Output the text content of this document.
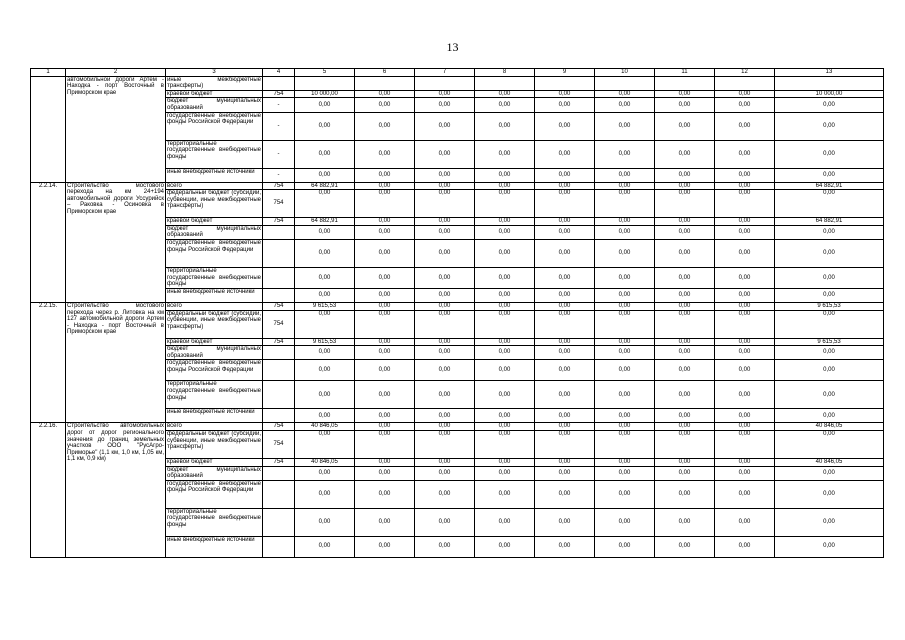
13
1	2	3	4	5	6	7	8	9	10	11	12	13
	автомобильной дороги Артем - Находка - порт Восточный в Приморском крае	иные межбюджетные трансферты)										
		краевой бюджет	754	10 000,00	0,00	0,00	0,00	0,00	0,00	0,00	0,00	10 000,00
		бюджет муниципальных образований	-	0,00	0,00	0,00	0,00	0,00	0,00	0,00	0,00	0,00
		государственные внебюджетные фонды Российской Федерации	-	0,00	0,00	0,00	0,00	0,00	0,00	0,00	0,00	0,00
		территориальные государственные внебюджетные фонды	-	0,00	0,00	0,00	0,00	0,00	0,00	0,00	0,00	0,00
		иные внебюджетные источники	-	0,00	0,00	0,00	0,00	0,00	0,00	0,00	0,00	0,00
2.2.14.	Строительство мостового перехода на км 24+194 автомобильной дороги Уссурийск – Раковка - Осиновка в Приморском крае	всего	754	64 882,91	0,00	0,00	0,00	0,00	0,00	0,00	0,00	64 882,91
		федеральный бюджет (субсидии, субвенции, иные межбюджетные трансферты)	754	0,00	0,00	0,00	0,00	0,00	0,00	0,00	0,00	0,00
		краевой бюджет	754	64 882,91	0,00	0,00	0,00	0,00	0,00	0,00	0,00	64 882,91
		бюджет муниципальных образований		0,00	0,00	0,00	0,00	0,00	0,00	0,00	0,00	0,00
		государственные внебюджетные фонды Российской Федерации		0,00	0,00	0,00	0,00	0,00	0,00	0,00	0,00	0,00
		территориальные государственные внебюджетные фонды		0,00	0,00	0,00	0,00	0,00	0,00	0,00	0,00	0,00
		иные внебюджетные источники		0,00	0,00	0,00	0,00	0,00	0,00	0,00	0,00	0,00
2.2.15.	Строительство мостового перехода через р. Литовка на км 127 автомобильной дороги Артем - Находка - порт Восточный в Приморском крае	всего	754	9 615,53	0,00	0,00	0,00	0,00	0,00	0,00	0,00	9 615,53
		федеральный бюджет (субсидии, субвенции, иные межбюджетные трансферты)	754	0,00	0,00	0,00	0,00	0,00	0,00	0,00	0,00	0,00
		краевой бюджет	754	9 615,53	0,00	0,00	0,00	0,00	0,00	0,00	0,00	9 615,53
		бюджет муниципальных образований		0,00	0,00	0,00	0,00	0,00	0,00	0,00	0,00	0,00
		государственные внебюджетные фонды Российской Федерации		0,00	0,00	0,00	0,00	0,00	0,00	0,00	0,00	0,00
		территориальные государственные внебюджетные фонды		0,00	0,00	0,00	0,00	0,00	0,00	0,00	0,00	0,00
		иные внебюджетные источники		0,00	0,00	0,00	0,00	0,00	0,00	0,00	0,00	0,00
2.2.16.	Строительство автомобильных дорог от дорог регионального значения до границ земельных участков ООО "РусАгро-Приморье" (1,1 км, 1,0 км, 1,05 км, 1,1 км, 0,9 км)	всего	754	40 846,05	0,00	0,00	0,00	0,00	0,00	0,00	0,00	40 846,05
		федеральный бюджет (субсидии, субвенции, иные межбюджетные трансферты)	754	0,00	0,00	0,00	0,00	0,00	0,00	0,00	0,00	0,00
		краевой бюджет	754	40 846,05	0,00	0,00	0,00	0,00	0,00	0,00	0,00	40 846,05
		бюджет муниципальных образований		0,00	0,00	0,00	0,00	0,00	0,00	0,00	0,00	0,00
		государственные внебюджетные фонды Российской Федерации		0,00	0,00	0,00	0,00	0,00	0,00	0,00	0,00	0,00
		территориальные государственные внебюджетные фонды		0,00	0,00	0,00	0,00	0,00	0,00	0,00	0,00	0,00
		иные внебюджетные источники		0,00	0,00	0,00	0,00	0,00	0,00	0,00	0,00	0,00
